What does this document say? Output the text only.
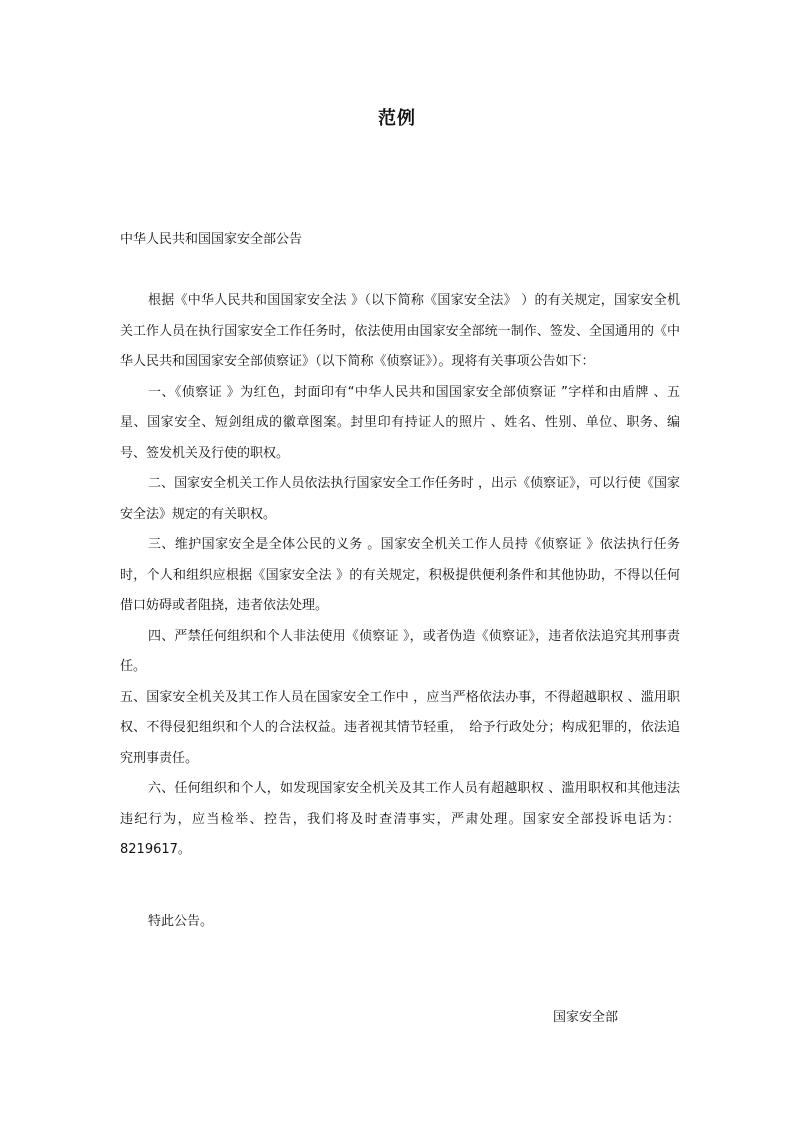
范例
中华人民共和国国家安全部公告

根据《中华人民共和国国家安全法 》（以下简称《国家安全法》 ）的有关规定，国家安全机关工作人员在执行国家安全工作任务时，依法使用由国家安全部统一制作、签发、全国通用的《中华人民共和国国家安全部侦察证》（以下简称《侦察证》）。现将有关事项公告如下：

一、《侦察证 》为红色，封面印有“中华人民共和国国家安全部侦察证 ”字样和由盾牌 、五星、国家安全、短剑组成的徽章图案。封里印有持证人的照片 、姓名、性别、单位、职务、编号、签发机关及行使的职权。

二、国家安全机关工作人员依法执行国家安全工作任务时 ，出示《侦察证》，可以行使《国家安全法》规定的有关职权。

三、维护国家安全是全体公民的义务 。国家安全机关工作人员持《侦察证 》依法执行任务时，个人和组织应根据《国家安全法 》的有关规定，积极提供便利条件和其他协助，不得以任何借口妨碍或者阻挠，违者依法处理。

四、严禁任何组织和个人非法使用《侦察证 》，或者伪造《侦察证》，违者依法追究其刑事责任。

五、国家安全机关及其工作人员在国家安全工作中 ，应当严格依法办事，不得超越职权 、滥用职权、不得侵犯组织和个人的合法权益。违者视其情节轻重，　给予行政处分；构成犯罪的，依法追究刑事责任。

六、任何组织和个人，如发现国家安全机关及其工作人员有超越职权 、滥用职权和其他违法违纪行为，应当检举、控告，我们将及时查清事实，严肃处理。国家安全部投诉电话为：8219617。

特此公告。
国家安全部
